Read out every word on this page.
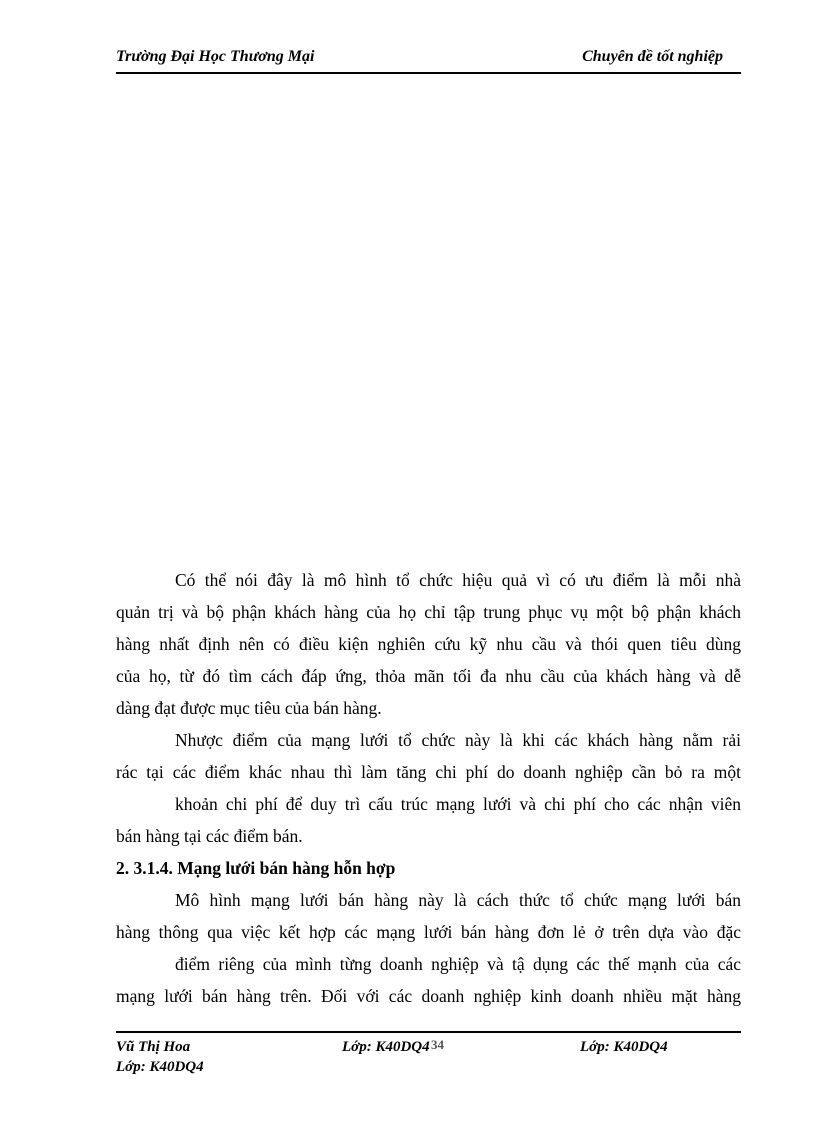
Trường Đại Học Thương Mại	Chuyên đề tốt nghiệp
Có thể nói đây là mô hình tổ chức hiệu quả vì có ưu điểm là mỗi nhà
quản trị và bộ phận khách hàng của họ chỉ tập trung phục vụ một bộ phận khách
hàng nhất định nên có điều kiện nghiên cứu kỹ nhu cầu và thói quen tiêu dùng
của họ, từ đó tìm cách đáp ứng, thỏa mãn tối đa nhu cầu của khách hàng và dễ
dàng đạt được mục tiêu của bán hàng.
Nhược điểm của mạng lưới tổ chức này là khi các khách hàng nằm rải
rác tại các điểm khác nhau thì làm tăng chi phí do doanh nghiệp cần bỏ ra một
khoản chi phí để duy trì cấu trúc mạng lưới và chi phí cho các nhận viên
bán hàng tại các điểm bán.
2. 3.1.4. Mạng lưới bán hàng hỗn hợp
Mô hình mạng lưới bán hàng này là cách thức tổ chức mạng lưới bán
hàng thông qua việc kết hợp các mạng lưới bán hàng đơn lẻ ở trên dựa vào đặc
điểm riêng của mình từng doanh nghiệp và tậ dụng các thế mạnh của các
mạng lưới bán hàng trên. Đối với các doanh nghiệp kinh doanh nhiều mặt hàng
Vũ Thị Hoa	Lớp: K40DQ4 34	Lớp: K40DQ4
Lớp: K40DQ4
